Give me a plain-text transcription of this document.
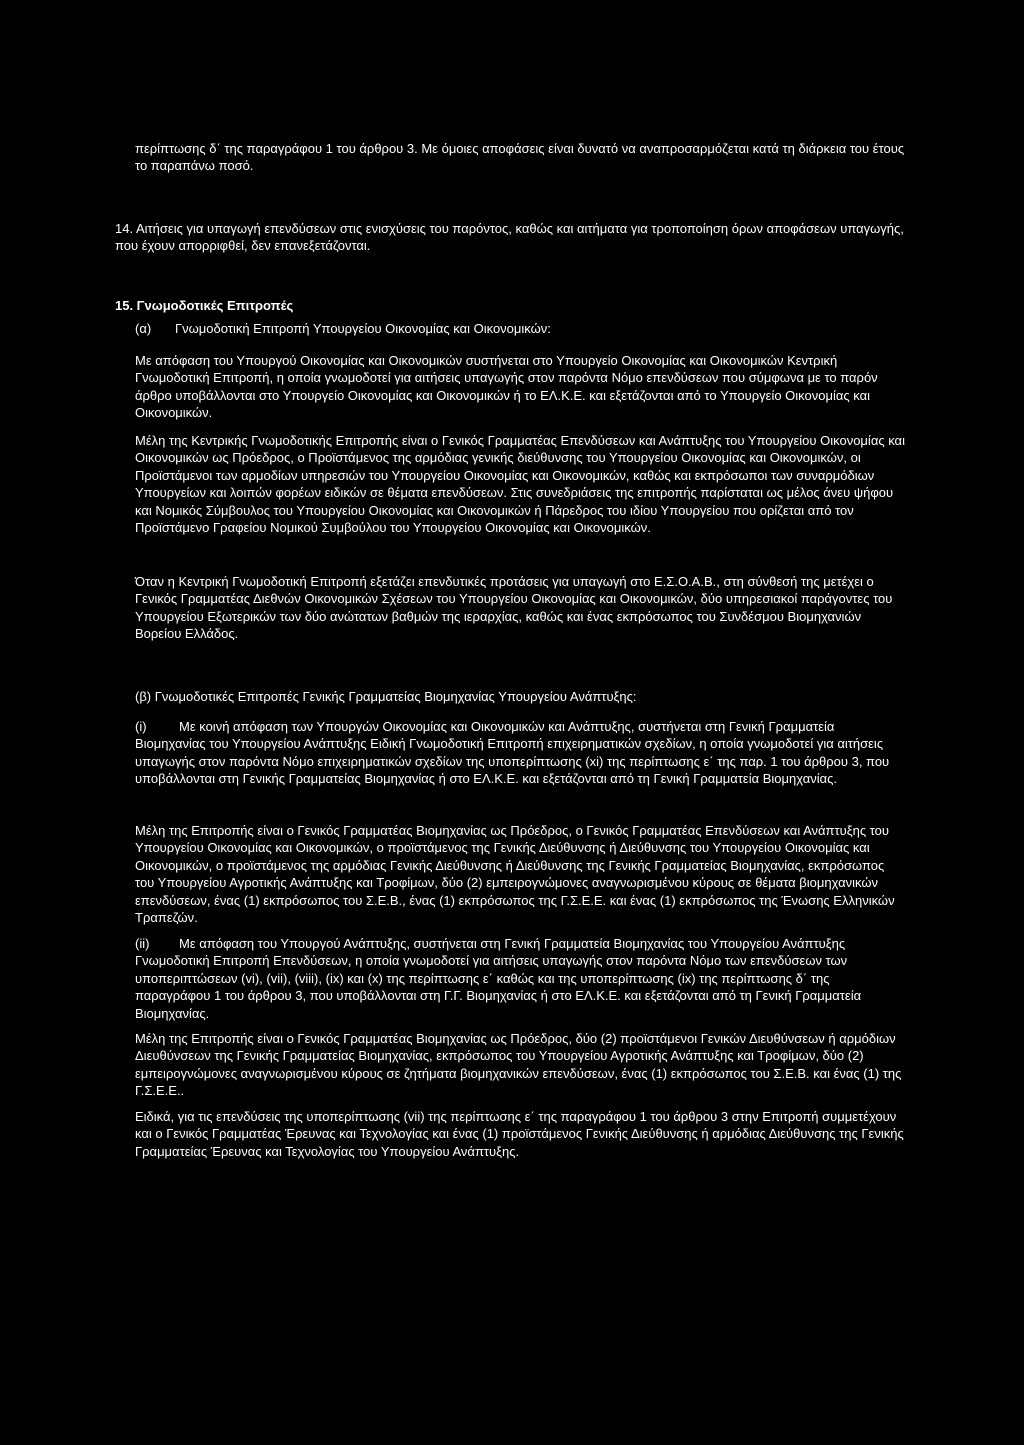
περίπτωσης δ΄ της παραγράφου 1 του άρθρου 3. Με όμοιες αποφάσεις είναι δυνατό να αναπροσαρμόζεται κατά τη διάρκεια του έτους το παραπάνω ποσό.

14. Αιτήσεις για υπαγωγή επενδύσεων στις ενισχύσεις του παρόντος, καθώς και αιτήματα για τροποποίηση όρων αποφάσεων υπαγωγής, που έχουν απορριφθεί, δεν επανεξετάζονται.

15. Γνωμοδοτικές Επιτροπές

(α) Γνωμοδοτική Επιτροπή Υπουργείου Οικονομίας και Οικονομικών:

Με απόφαση του Υπουργού Οικονομίας και Οικονομικών συστήνεται στο Υπουργείο Οικονομίας και Οικονομικών Κεντρική Γνωμοδοτική Επιτροπή, η οποία γνωμοδοτεί για αιτήσεις υπαγωγής στον παρόντα Νόμο επενδύσεων που σύμφωνα με το παρόν άρθρο υποβάλλονται στο Υπουργείο Οικονομίας και Οικονομικών ή το ΕΛ.Κ.Ε. και εξετάζονται από το Υπουργείο Οικονομίας και Οικονομικών.

Μέλη της Κεντρικής Γνωμοδοτικής Επιτροπής είναι ο Γενικός Γραμματέας Επενδύσεων και Ανάπτυξης του Υπουργείου Οικονομίας και Οικονομικών ως Πρόεδρος, ο Προϊστάμενος της αρμόδιας γενικής διεύθυνσης του Υπουργείου Οικονομίας και Οικονομικών, οι Προϊστάμενοι των αρμοδίων υπηρεσιών του Υπουργείου Οικονομίας και Οικονομικών, καθώς και εκπρόσωποι των συναρμόδιων Υπουργείων και λοιπών φορέων ειδικών σε θέματα επενδύσεων. Στις συνεδριάσεις της επιτροπής παρίσταται ως μέλος άνευ ψήφου και Νομικός Σύμβουλος του Υπουργείου Οικονομίας και Οικονομικών ή Πάρεδρος του ιδίου Υπουργείου που ορίζεται από τον Προϊστάμενο Γραφείου Νομικού Συμβούλου του Υπουργείου Οικονομίας και Οικονομικών.

Όταν η Κεντρική Γνωμοδοτική Επιτροπή εξετάζει επενδυτικές προτάσεις για υπαγωγή στο Ε.Σ.Ο.Α.Β., στη σύνθεσή της μετέχει ο Γενικός Γραμματέας Διεθνών Οικονομικών Σχέσεων του Υπουργείου Οικονομίας και Οικονομικών, δύο υπηρεσιακοί παράγοντες του Υπουργείου Εξωτερικών των δύο ανώτατων βαθμών της ιεραρχίας, καθώς και ένας εκπρόσωπος του Συνδέσμου Βιομηχανιών Βορείου Ελλάδος.

(β) Γνωμοδοτικές Επιτροπές Γενικής Γραμματείας Βιομηχανίας Υπουργείου Ανάπτυξης:

(i) Με κοινή απόφαση των Υπουργών Οικονομίας και Οικονομικών και Ανάπτυξης, συστήνεται στη Γενική Γραμματεία Βιομηχανίας του Υπουργείου Ανάπτυξης Ειδική Γνωμοδοτική Επιτροπή επιχειρηματικών σχεδίων, η οποία γνωμοδοτεί για αιτήσεις υπαγωγής στον παρόντα Νόμο επιχειρηματικών σχεδίων της υποπερίπτωσης (xi) της περίπτωσης ε΄ της παρ. 1 του άρθρου 3, που υποβάλλονται στη Γενικής Γραμματείας Βιομηχανίας ή στο ΕΛ.Κ.Ε. και εξετάζονται από τη Γενική Γραμματεία Βιομηχανίας.

Μέλη της Επιτροπής είναι ο Γενικός Γραμματέας Βιομηχανίας ως Πρόεδρος, ο Γενικός Γραμματέας Επενδύσεων και Ανάπτυξης του Υπουργείου Οικονομίας και Οικονομικών, ο προϊστάμενος της Γενικής Διεύθυνσης ή Διεύθυνσης του Υπουργείου Οικονομίας και Οικονομικών, ο προϊστάμενος της αρμόδιας Γενικής Διεύθυνσης ή Διεύθυνσης της Γενικής Γραμματείας Βιομηχανίας, εκπρόσωπος του Υπουργείου Αγροτικής Ανάπτυξης και Τροφίμων, δύο (2) εμπειρογνώμονες αναγνωρισμένου κύρους σε θέματα βιομηχανικών επενδύσεων, ένας (1) εκπρόσωπος του Σ.Ε.Β., ένας (1) εκπρόσωπος της Γ.Σ.Ε.Ε. και ένας (1) εκπρόσωπος της Ένωσης Ελληνικών Τραπεζών.

(ii) Με απόφαση του Υπουργού Ανάπτυξης, συστήνεται στη Γενική Γραμματεία Βιομηχανίας του Υπουργείου Ανάπτυξης Γνωμοδοτική Επιτροπή Επενδύσεων, η οποία γνωμοδοτεί για αιτήσεις υπαγωγής στον παρόντα Νόμο των επενδύσεων των υποπεριπτώσεων (vi), (vii), (viii), (ix) και (x) της περίπτωσης ε΄ καθώς και της υποπερίπτωσης (ix) της περίπτωσης δ΄ της παραγράφου 1 του άρθρου 3, που υποβάλλονται στη Γ.Γ. Βιομηχανίας ή στο ΕΛ.Κ.Ε. και εξετάζονται από τη Γενική Γραμματεία Βιομηχανίας.

Μέλη της Επιτροπής είναι ο Γενικός Γραμματέας Βιομηχανίας ως Πρόεδρος, δύο (2) προϊστάμενοι Γενικών Διευθύνσεων ή αρμόδιων Διευθύνσεων της Γενικής Γραμματείας Βιομηχανίας, εκπρόσωπος του Υπουργείου Αγροτικής Ανάπτυξης και Τροφίμων, δύο (2) εμπειρογνώμονες αναγνωρισμένου κύρους σε ζητήματα βιομηχανικών επενδύσεων, ένας (1) εκπρόσωπος του Σ.Ε.Β. και ένας (1) της Γ.Σ.Ε.Ε..

Ειδικά, για τις επενδύσεις της υποπερίπτωσης (vii) της περίπτωσης ε΄ της παραγράφου 1 του άρθρου 3 στην Επιτροπή συμμετέχουν και ο Γενικός Γραμματέας Έρευνας και Τεχνολογίας και ένας (1) προϊστάμενος Γενικής Διεύθυνσης ή αρμόδιας Διεύθυνσης της Γενικής Γραμματείας Έρευνας και Τεχνολογίας του Υπουργείου Ανάπτυξης.
